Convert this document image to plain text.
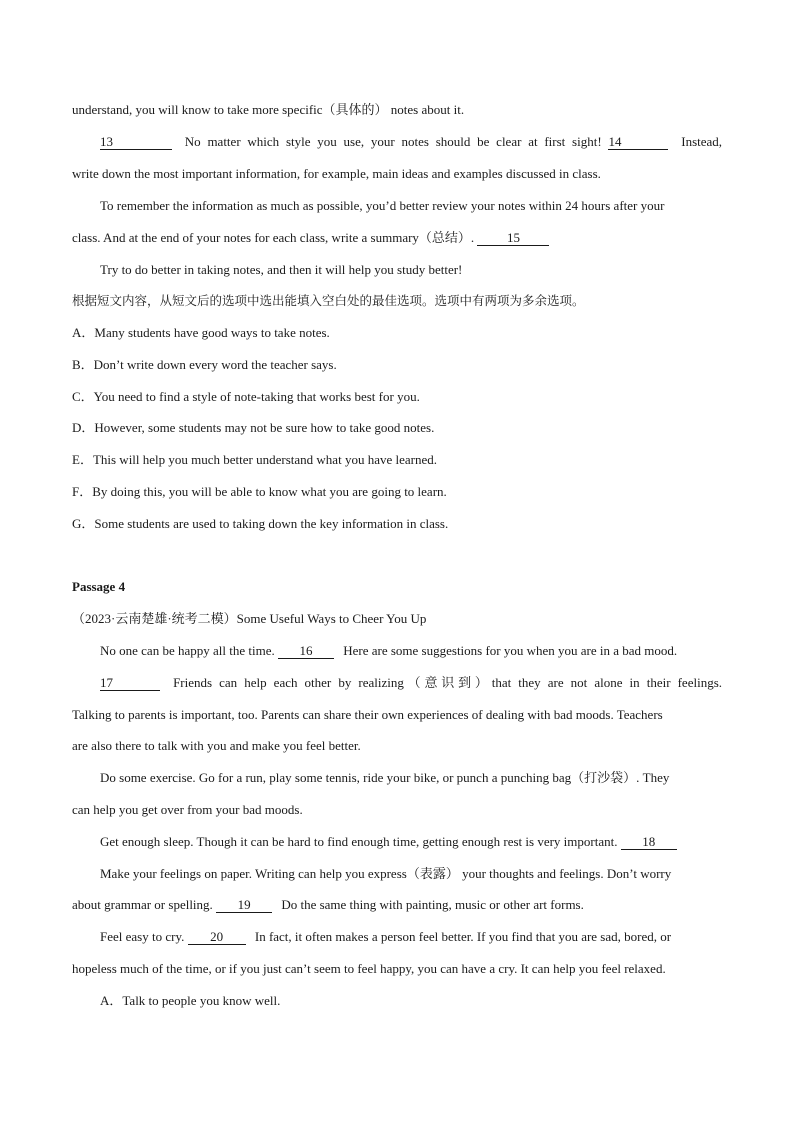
understand, you will know to take more specific（具体的） notes about it.
13	No matter which style you use, your notes should be clear at first sight! 14	Instead,
write down the most important information, for example, main ideas and examples discussed in class.
To remember the information as much as possible, you’d better review your notes within 24 hours after your
class. And at the end of your notes for each class, write a summary（总结）.	15
Try to do better in taking notes, and then it will help you study better!
根据短文内容，从短文后的选项中选出能填入空白处的最佳选项。选项中有两项为多余选项。
A．Many students have good ways to take notes.
B．Don’t write down every word the teacher says.
C．You need to find a style of note-taking that works best for you.
D．However, some students may not be sure how to take good notes.
E．This will help you much better understand what you have learned.
F．By doing this, you will be able to know what you are going to learn.
G．Some students are used to taking down the key information in class.
Passage 4
（2023·云南楚雄·统考二模）Some Useful Ways to Cheer You Up
No one can be happy all the time. 16 Here are some suggestions for you when you are in a bad mood.
17	Friends can help each other by realizing（意识到）that they are not alone in their feelings.
Talking to parents is important, too. Parents can share their own experiences of dealing with bad moods. Teachers
are also there to talk with you and make you feel better.
Do some exercise. Go for a run, play some tennis, ride your bike, or punch a punching bag（打沙袋）. They
can help you get over from your bad moods.
Get enough sleep. Though it can be hard to find enough time, getting enough rest is very important. 18
Make your feelings on paper. Writing can help you express（表露） your thoughts and feelings. Don’t worry
about grammar or spelling. 19 Do the same thing with painting, music or other art forms.
Feel easy to cry. 20 In fact, it often makes a person feel better. If you find that you are sad, bored, or
hopeless much of the time, or if you just can’t seem to feel happy, you can have a cry. It can help you feel relaxed.
A．Talk to people you know well.
